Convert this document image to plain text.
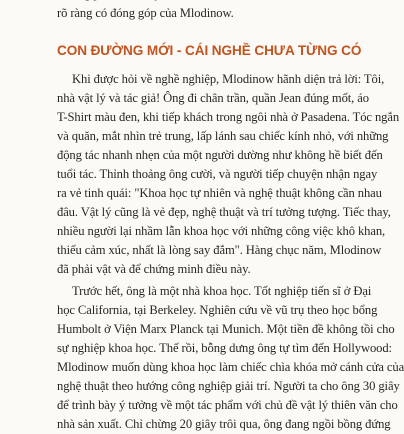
rõ ràng có đóng góp của Mlodinow.
CON ĐƯỜNG MỚI - CÁI NGHỀ CHƯA TỪNG CÓ
Khi được hỏi về nghề nghiệp, Mlodinow hãnh diện trả lời: Tôi,
nhà vật lý và tác giả! Ông đi chân trần, quần Jean đúng mốt, áo
T-Shirt màu đen, khi tiếp khách trong ngôi nhà ở Pasadena. Tóc ngắn
và quăn, mắt nhìn trẻ trung, lấp lánh sau chiếc kính nhỏ, với những
động tác nhanh nhẹn của một người dường như không hề biết đến
tuổi tác. Thỉnh thoảng ông cười, và người tiếp chuyện nhận ngay
ra vẻ tinh quái: "Khoa học tự nhiên và nghệ thuật không cần nhau
đâu. Vật lý cũng là vẻ đẹp, nghệ thuật và trí tưởng tượng. Tiếc thay,
nhiều người lại nhầm lẫn khoa học với những công việc khô khan,
thiếu cảm xúc, nhất là lòng say đắm". Hàng chục năm, Mlodinow
đã phải vật và để chứng minh điều này.
Trước hết, ông là một nhà khoa học. Tốt nghiệp tiến sĩ ở Đại
học California, tại Berkeley. Nghiên cứu về vũ trụ theo học bổng
Humbolt ở Viện Marx Planck tại Munich. Một tiền đề không tồi cho
sự nghiệp khoa học. Thế rồi, bỗng dưng ông tự tìm đến Hollywood:
Mlodinow muốn dùng khoa học làm chiếc chìa khóa mở cánh cửa của
nghệ thuật theo hướng công nghiệp giải trí. Người ta cho ông 30 giây
để trình bày ý tưởng về một tác phẩm với chủ đề vật lý thiên văn cho
nhà sản xuất. Chỉ chừng 20 giây trôi qua, ông đang ngồi bồng đứng
